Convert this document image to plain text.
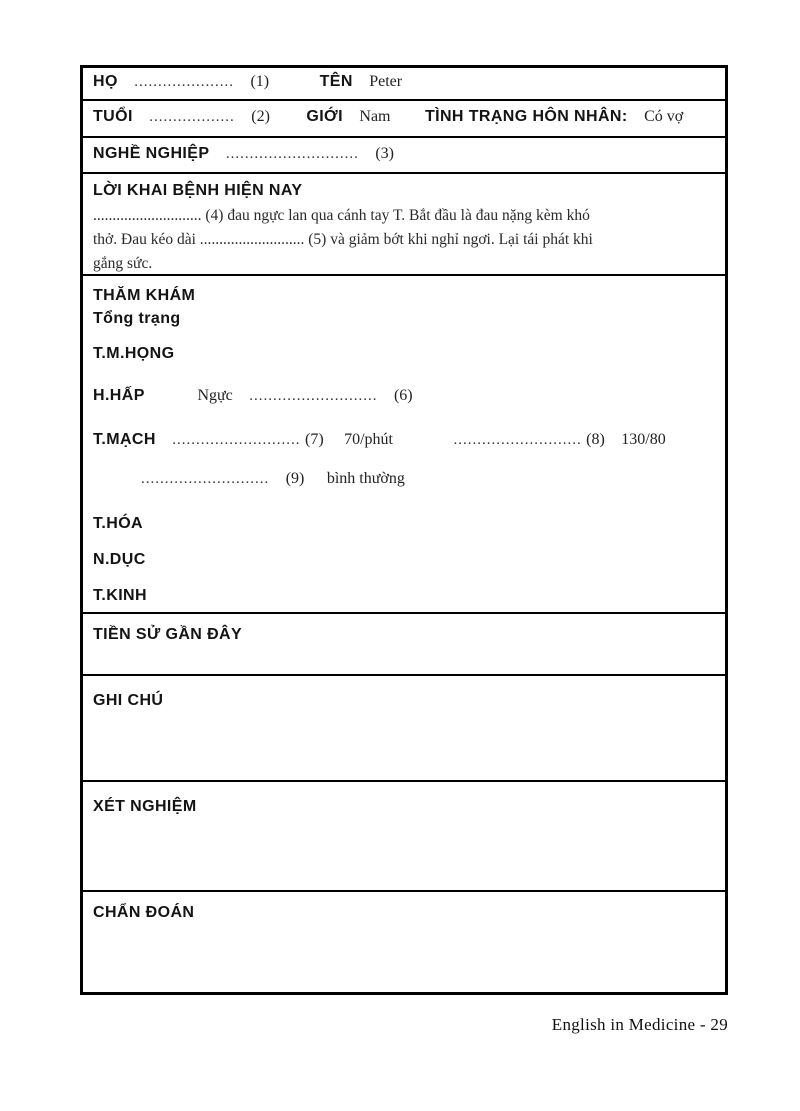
HỌ ..................... (1)	TÊN Peter
TUỔI .................. (2) GIỚI Nam TÌNH TRẠNG HÔN NHÂN: Có vợ
NGHỀ NGHIỆP ............................ (3)
LỜI KHAI BỆNH HIỆN NAY
............................ (4) đau ngực lan qua cánh tay T. Bắt đầu là đau nặng kèm khó
thở. Đau kéo dài ........................... (5) và giảm bớt khi nghỉ ngơi. Lại tái phát khi
gắng sức.
THĂM KHÁM
Tổng trạng
T.M.HỌNG
H.HẤP	Ngực ........................... (6)
T.MẠCH ........................... (7) 70/phút	........................... (8) 130/80
........................... (9) bình thường
T.HÓA
N.DỤC
T.KINH
TIỀN SỬ GẦN ĐÂY
GHI CHÚ
XÉT NGHIỆM
CHẨN ĐOÁN
English in Medicine - 29
